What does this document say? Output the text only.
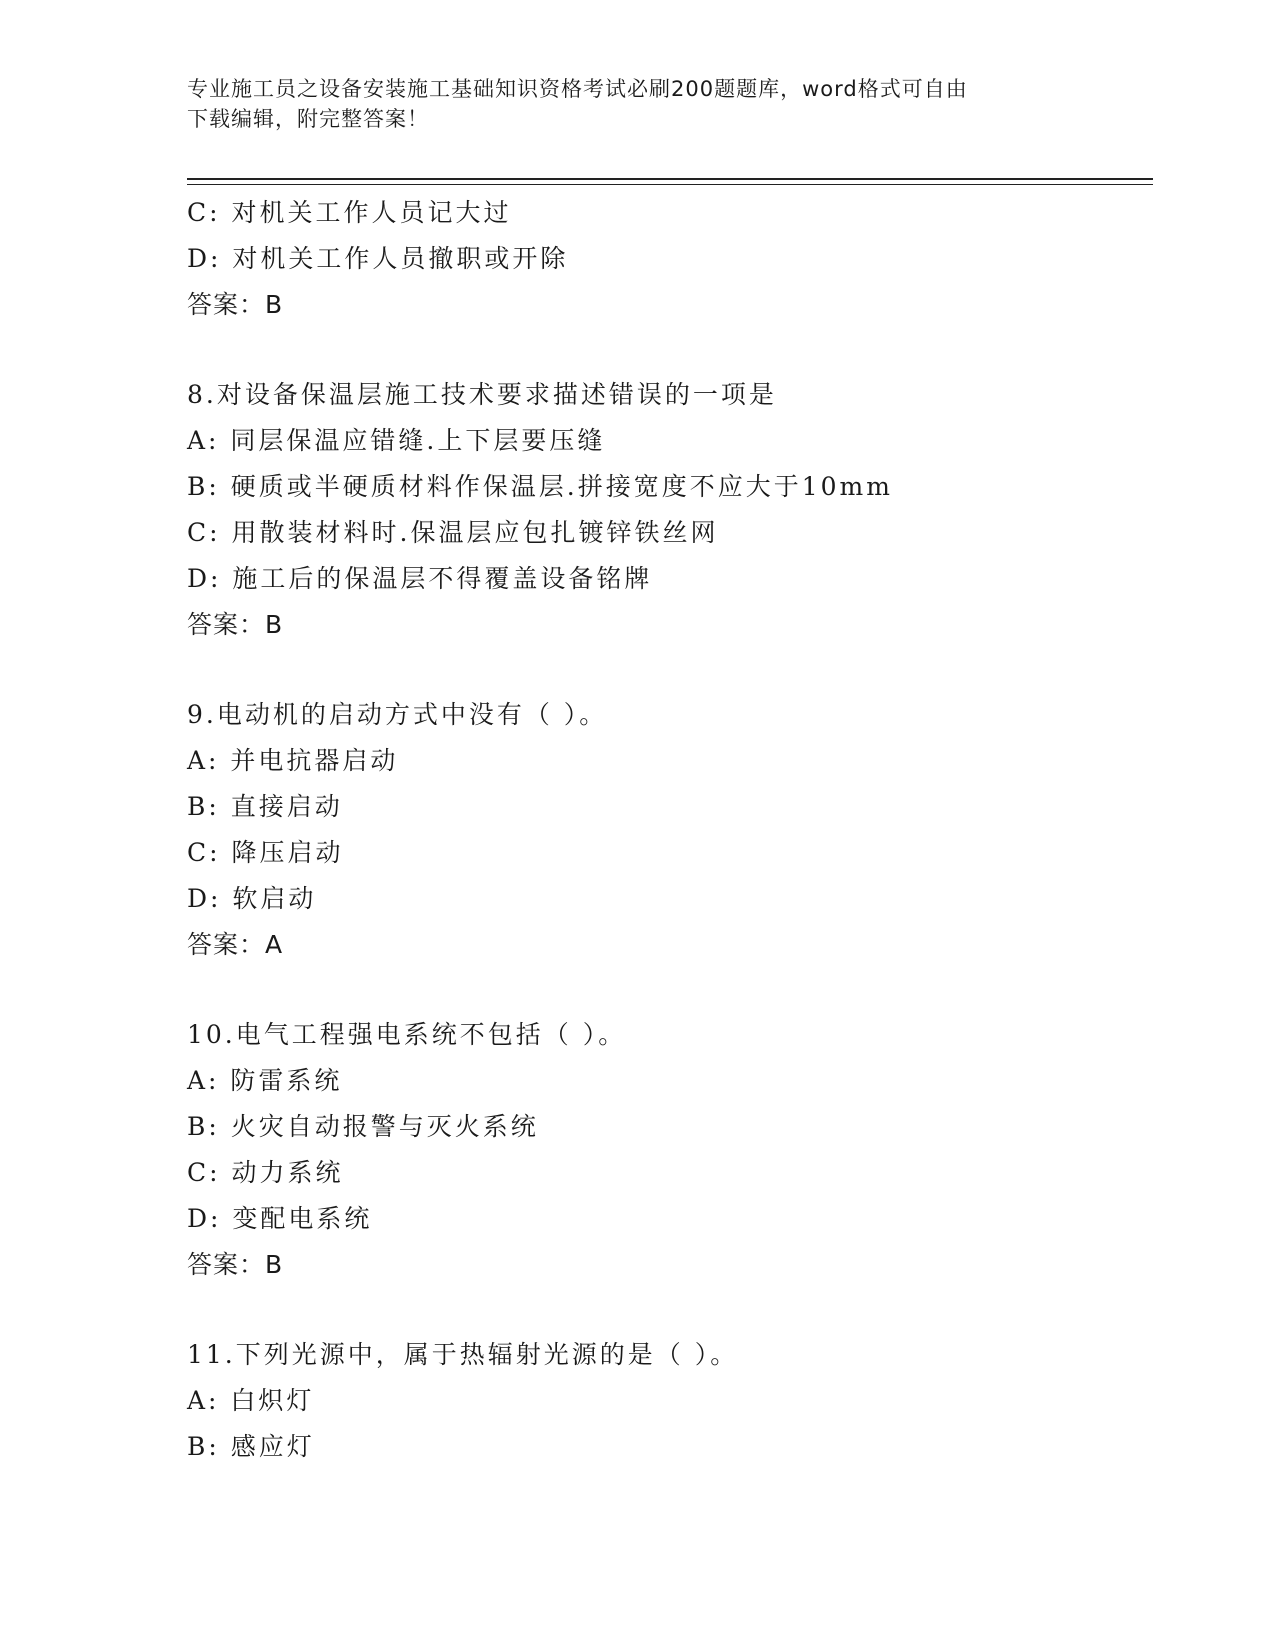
专业施工员之设备安装施工基础知识资格考试必刷200题题库，word格式可自由
下载编辑，附完整答案！
C: 对机关工作人员记大过
D: 对机关工作人员撤职或开除
答案：B
8.对设备保温层施工技术要求描述错误的一项是
A: 同层保温应错缝.上下层要压缝
B: 硬质或半硬质材料作保温层.拼接宽度不应大于10mm
C: 用散装材料时.保温层应包扎镀锌铁丝网
D: 施工后的保温层不得覆盖设备铭牌
答案：B
9.电动机的启动方式中没有（ ）。
A: 并电抗器启动
B: 直接启动
C: 降压启动
D: 软启动
答案：A
10.电气工程强电系统不包括（ ）。
A: 防雷系统
B: 火灾自动报警与灭火系统
C: 动力系统
D: 变配电系统
答案：B
11.下列光源中，属于热辐射光源的是（ ）。
A: 白炽灯
B: 感应灯
